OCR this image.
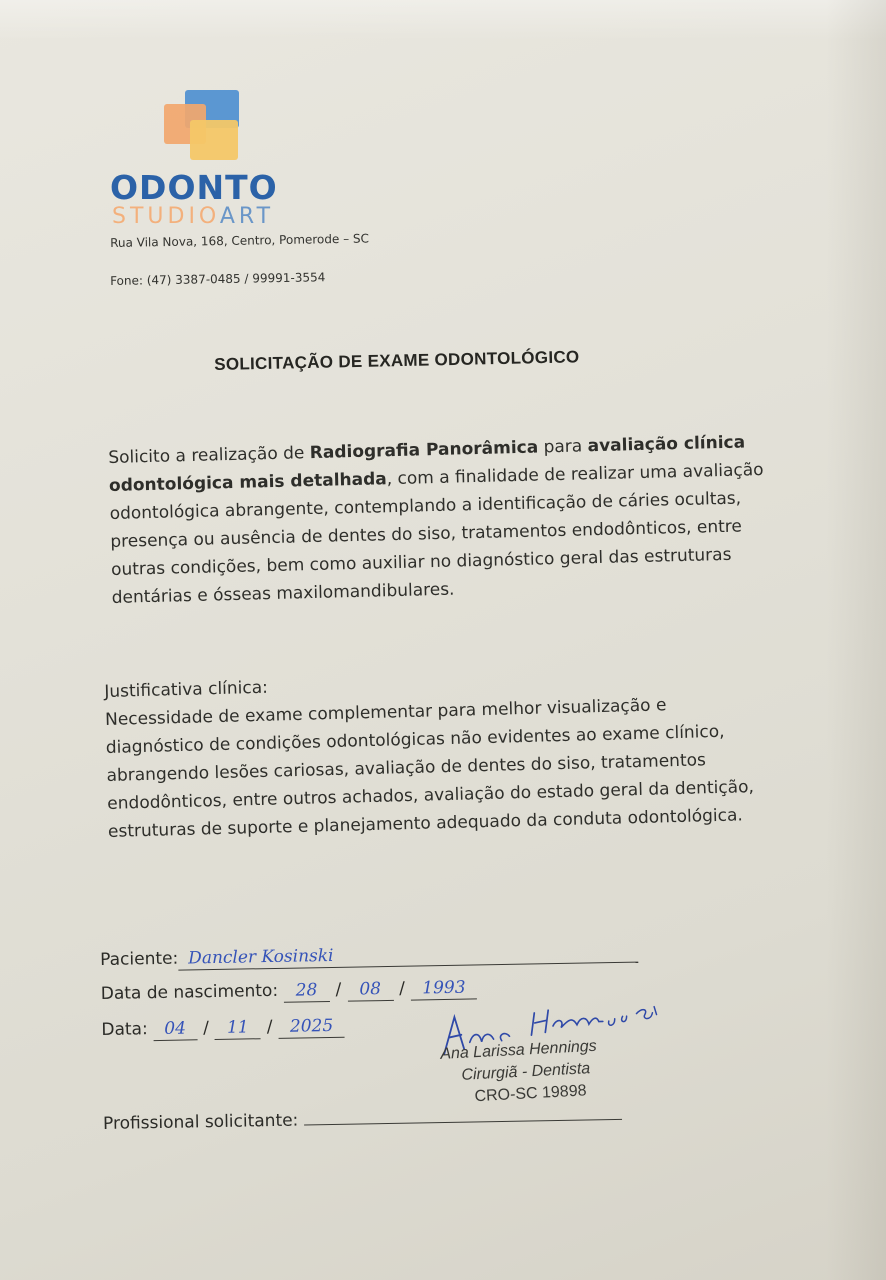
ODONTO
STUDIOART
Rua Vila Nova, 168, Centro, Pomerode – SC
Fone: (47) 3387-0485 / 99991-3554
SOLICITAÇÃO DE EXAME ODONTOLÓGICO
Solicito a realização de Radiografia Panorâmica para avaliação clínica
odontológica mais detalhada, com a finalidade de realizar uma avaliação
odontológica abrangente, contemplando a identificação de cáries ocultas,
presença ou ausência de dentes do siso, tratamentos endodônticos, entre
outras condições, bem como auxiliar no diagnóstico geral das estruturas
dentárias e ósseas maxilomandibulares.
Justificativa clínica:
Necessidade de exame complementar para melhor visualização e
diagnóstico de condições odontológicas não evidentes ao exame clínico,
abrangendo lesões cariosas, avaliação de dentes do siso, tratamentos
endodônticos, entre outros achados, avaliação do estado geral da dentição,
estruturas de suporte e planejamento adequado da conduta odontológica.
Paciente: Dancler Kosinski
Data de nascimento: 28 / 08 / 1993
Data: 04 / 11 / 2025
Profissional solicitante:
Ana Larissa Hennings
Cirurgiã - Dentista
CRO-SC 19898
